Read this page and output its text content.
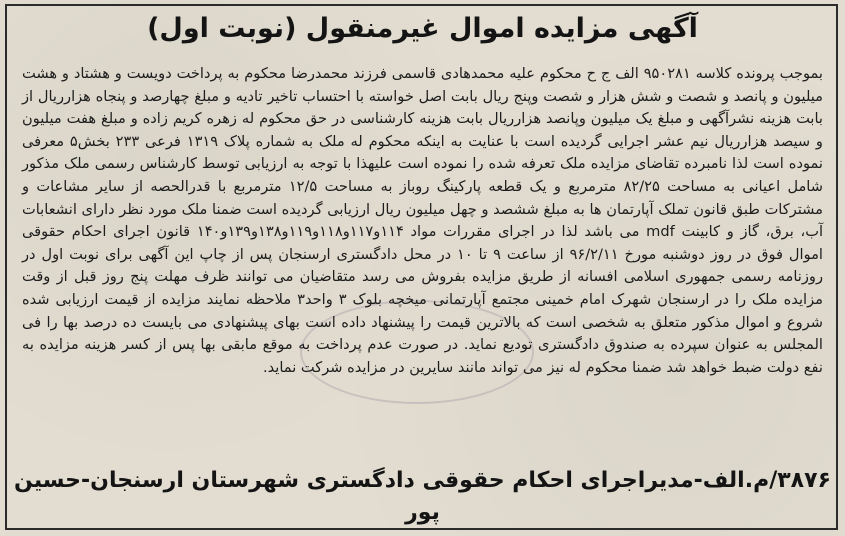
آگهی مزایده اموال غیرمنقول (نوبت اول)

بموجب پرونده کلاسه ۹۵۰۲۸۱ الف ج ح محکوم علیه محمدهادی قاسمی فرزند محمدرضا محکوم به پرداخت دویست و هشتاد و هشت میلیون و پانصد و شصت و شش هزار و شصت وپنج ریال بابت اصل خواسته با احتساب تاخیر تادیه و مبلغ چهارصد و پنجاه هزارریال از بابت هزینه نشرآگهی و مبلغ یک میلیون وپانصد هزارریال بابت هزینه کارشناسی در حق محکوم له زهره کریم زاده و مبلغ هفت میلیون و سیصد هزارریال نیم عشر اجرایی گردیده است با عنایت به اینکه محکوم له ملک به شماره پلاک ۱۳۱۹ فرعی ۲۳۳ بخش۵ معرفی نموده است لذا نامبرده تقاضای مزایده ملک تعرفه شده را نموده است علیهذا با توجه به ارزیابی توسط کارشناس رسمی ملک مذکور شامل اعیانی به مساحت ۸۲/۲۵ مترمربع و یک قطعه پارکینگ روباز به مساحت ۱۲/۵ مترمربع با قدرالحصه از سایر مشاعات و مشترکات طبق قانون تملک آپارتمان ها به مبلغ ششصد و چهل میلیون ریال ارزیابی گردیده است ضمنا ملک مورد نظر دارای انشعابات آب، برق، گاز و کابینت mdf می باشد لذا در اجرای مقررات مواد ۱۱۴و۱۱۷و۱۱۸و۱۱۹و۱۳۸و۱۳۹و۱۴۰ قانون اجرای احکام حقوقی اموال فوق در روز دوشنبه مورخ ۹۶/۲/۱۱ از ساعت ۹ تا ۱۰ در محل دادگستری ارسنجان پس از چاپ این آگهی برای نوبت اول در روزنامه رسمی جمهوری اسلامی افسانه از طریق مزایده بفروش می رسد متقاضیان می توانند ظرف مهلت پنج روز قبل از وقت مزایده ملک را در ارسنجان شهرک امام خمینی مجتمع آپارتمانی میخچه بلوک ۳ واحد۳ ملاحظه نمایند مزایده از قیمت ارزیابی شده شروع و اموال مذکور متعلق به شخصی است که بالاترین قیمت را پیشنهاد داده است بهای پیشنهادی می بایست ده درصد بها را فی المجلس به عنوان سپرده به صندوق دادگستری تودیع نماید. در صورت عدم پرداخت به موقع مابقی بها پس از کسر هزینه مزایده به نفع دولت ضبط خواهد شد ضمنا محکوم له نیز می تواند مانند سایرین در مزایده شرکت نماید.

۳۸۷۶/م.الف-مدیراجرای احکام حقوقی دادگستری شهرستان ارسنجان-حسین پور
